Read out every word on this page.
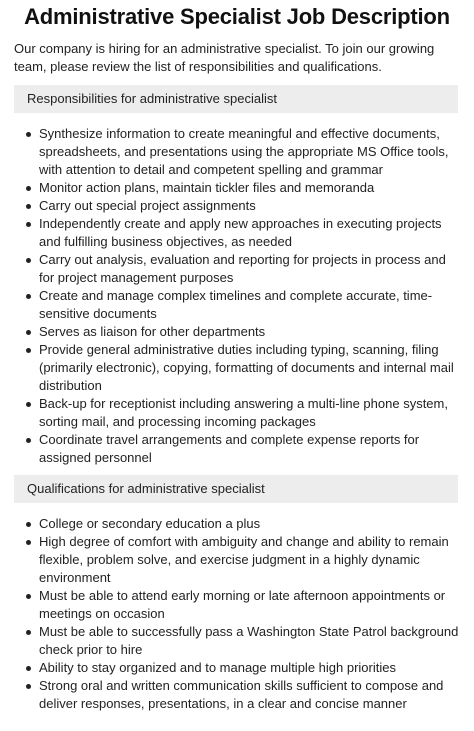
Administrative Specialist Job Description

Our company is hiring for an administrative specialist. To join our growing team, please review the list of responsibilities and qualifications.

Responsibilities for administrative specialist
Synthesize information to create meaningful and effective documents, spreadsheets, and presentations using the appropriate MS Office tools, with attention to detail and competent spelling and grammar
Monitor action plans, maintain tickler files and memoranda
Carry out special project assignments
Independently create and apply new approaches in executing projects and fulfilling business objectives, as needed
Carry out analysis, evaluation and reporting for projects in process and for project management purposes
Create and manage complex timelines and complete accurate, time-sensitive documents
Serves as liaison for other departments
Provide general administrative duties including typing, scanning, filing (primarily electronic), copying, formatting of documents and internal mail distribution
Back-up for receptionist including answering a multi-line phone system, sorting mail, and processing incoming packages
Coordinate travel arrangements and complete expense reports for assigned personnel
Qualifications for administrative specialist
College or secondary education a plus
High degree of comfort with ambiguity and change and ability to remain flexible, problem solve, and exercise judgment in a highly dynamic environment
Must be able to attend early morning or late afternoon appointments or meetings on occasion
Must be able to successfully pass a Washington State Patrol background check prior to hire
Ability to stay organized and to manage multiple high priorities
Strong oral and written communication skills sufficient to compose and deliver responses, presentations, in a clear and concise manner
